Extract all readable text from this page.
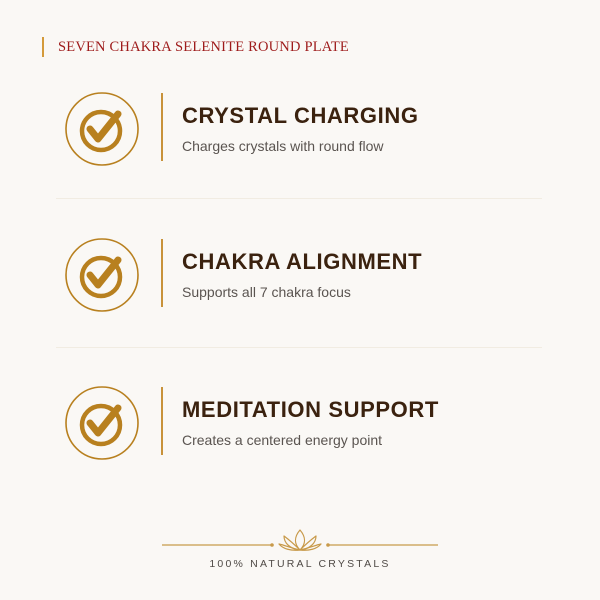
SEVEN CHAKRA SELENITE ROUND PLATE
CRYSTAL CHARGING
Charges crystals with round flow
CHAKRA ALIGNMENT
Supports all 7 chakra focus
MEDITATION SUPPORT
Creates a centered energy point
100% NATURAL CRYSTALS
